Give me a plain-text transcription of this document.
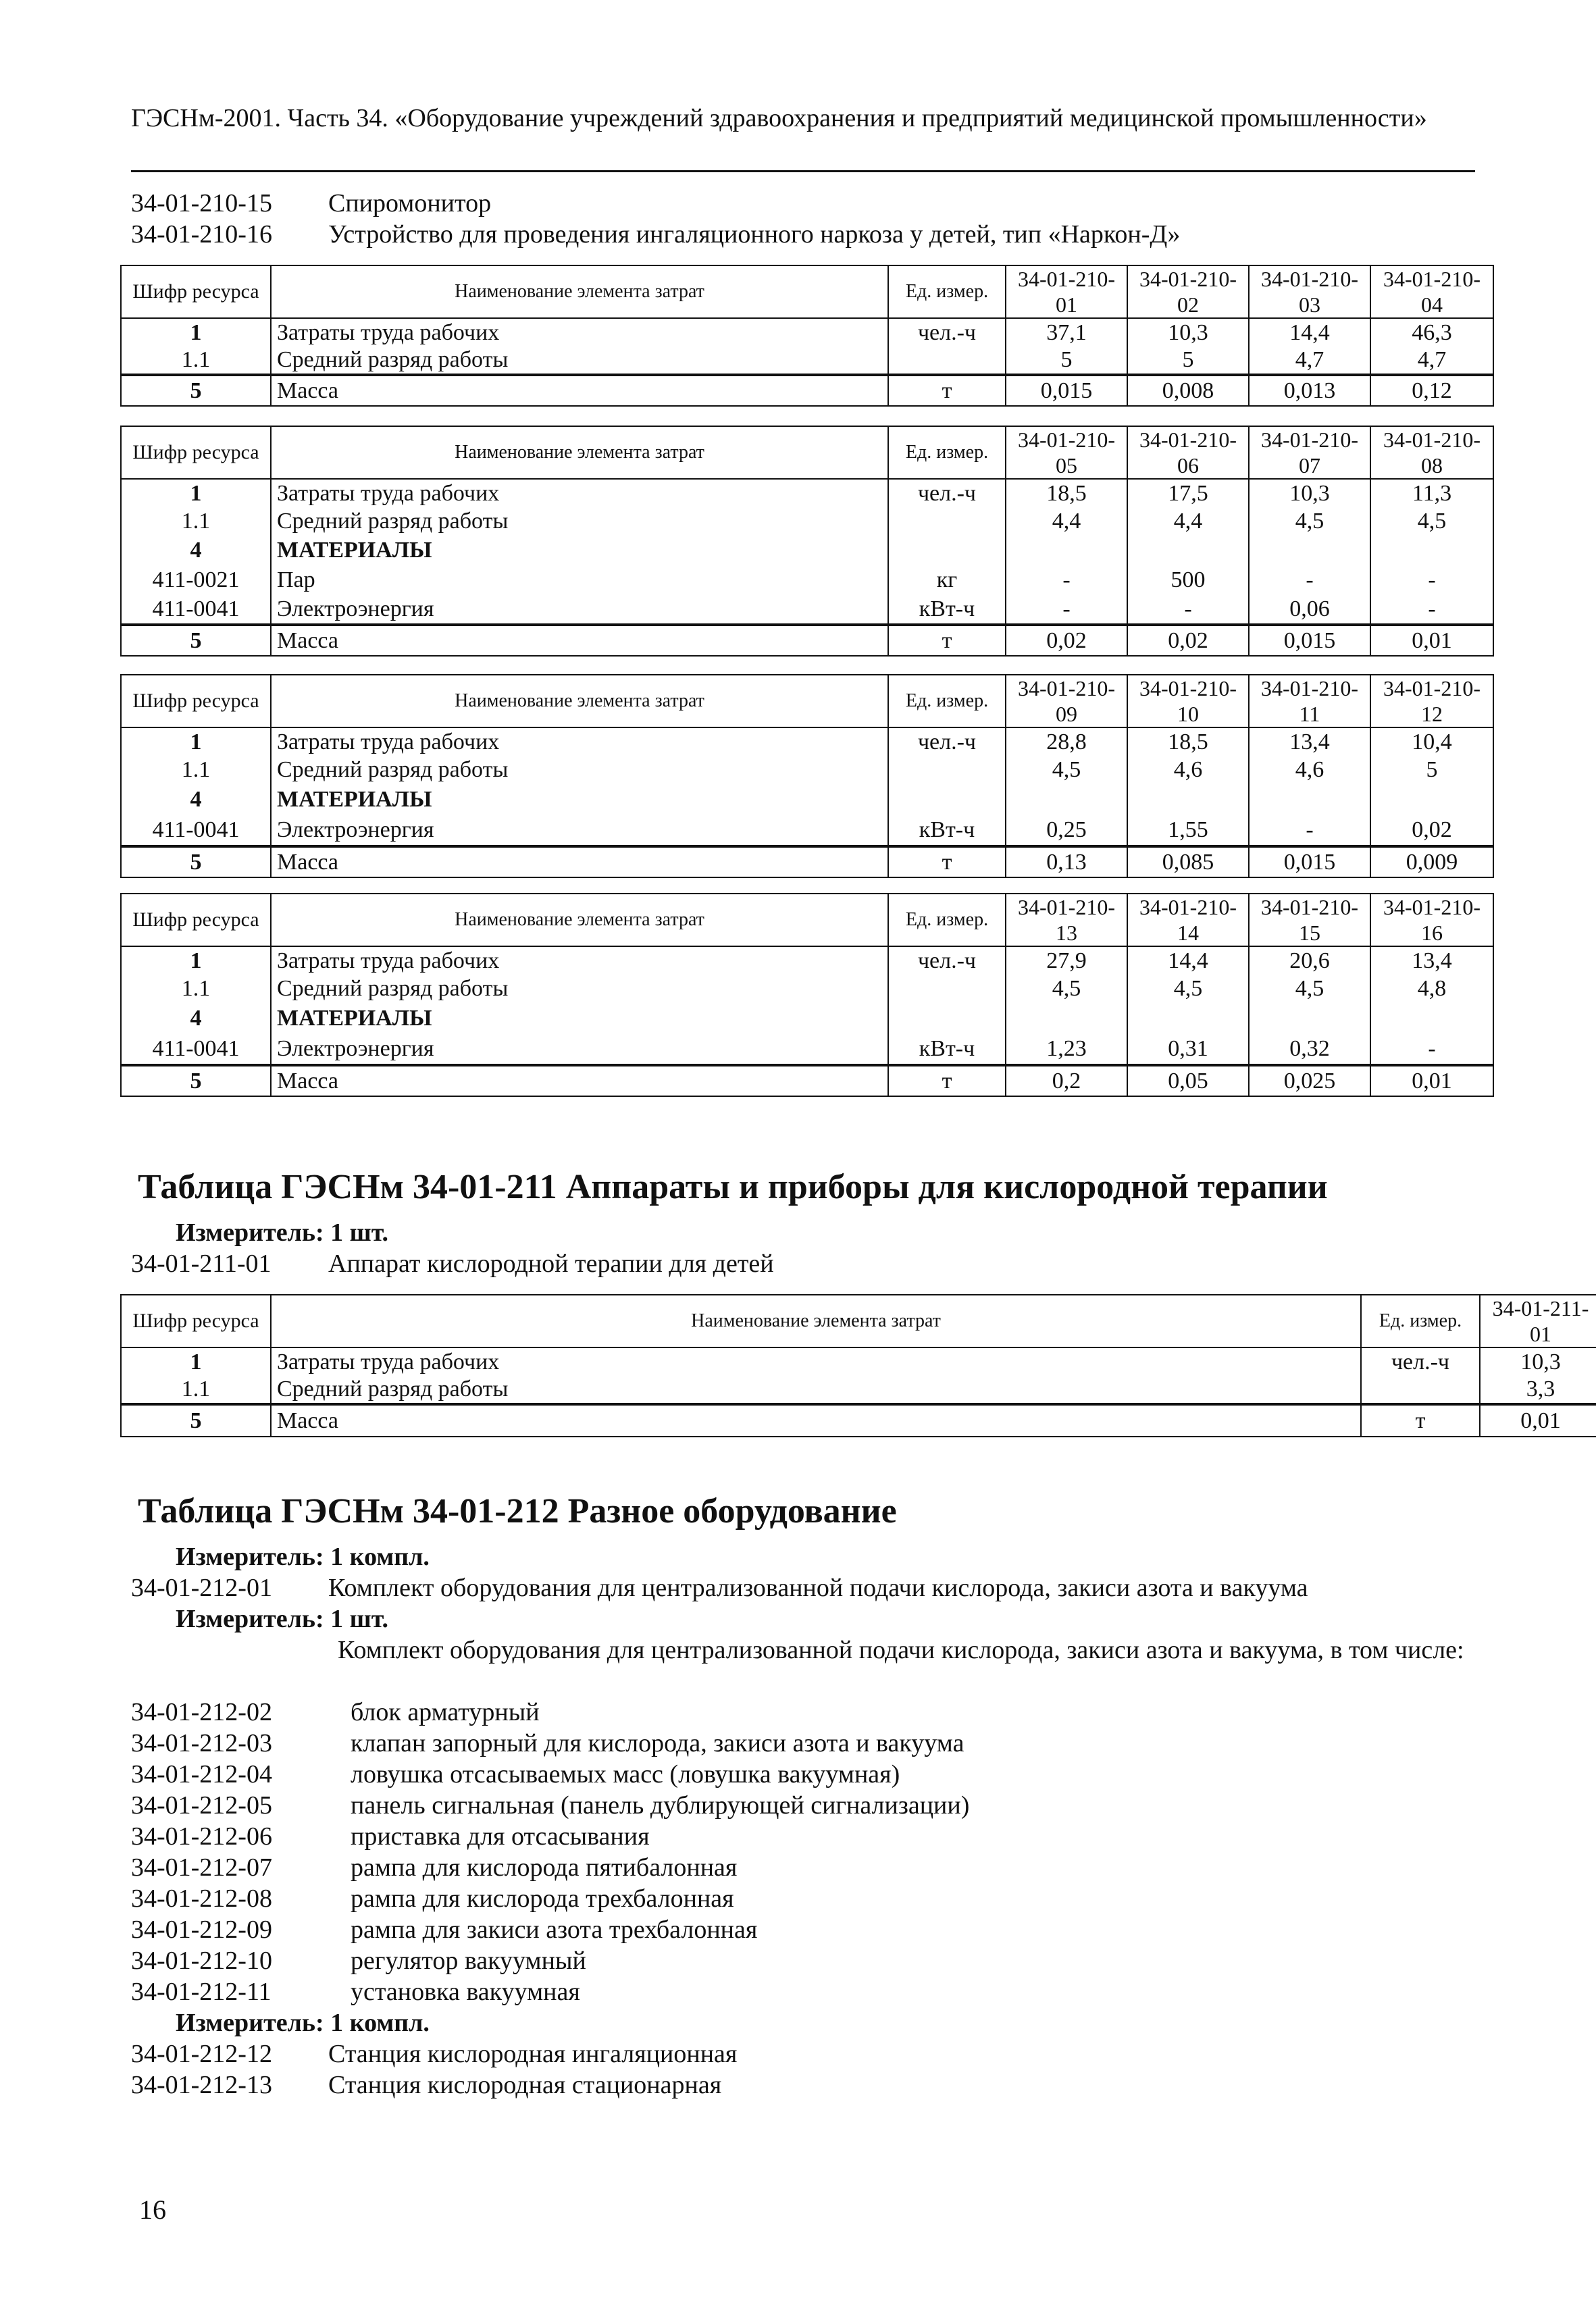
ГЭСНм-2001. Часть 34. «Оборудование учреждений здравоохранения и предприятий медицинской промышленности»
34-01-210-15 Спиромонитор
34-01-210-16 Устройство для проведения ингаляционного наркоза у детей, тип «Наркон-Д»
Шифр ресурса	Наименование элемента затрат	Ед. измер.	34-01-210-01	34-01-210-02	34-01-210-03	34-01-210-04
1	Затраты труда рабочих	чел.-ч	37,1	10,3	14,4	46,3
1.1	Средний разряд работы		5	5	4,7	4,7
5	Масса	т	0,015	0,008	0,013	0,12
Шифр ресурса	Наименование элемента затрат	Ед. измер.	34-01-210-05	34-01-210-06	34-01-210-07	34-01-210-08
1	Затраты труда рабочих	чел.-ч	18,5	17,5	10,3	11,3
1.1	Средний разряд работы		4,4	4,4	4,5	4,5
4	МАТЕРИАЛЫ					
411-0021	Пар	кг	-	500	-	-
411-0041	Электроэнергия	кВт-ч	-	-	0,06	-
5	Масса	т	0,02	0,02	0,015	0,01
Шифр ресурса	Наименование элемента затрат	Ед. измер.	34-01-210-09	34-01-210-10	34-01-210-11	34-01-210-12
1	Затраты труда рабочих	чел.-ч	28,8	18,5	13,4	10,4
1.1	Средний разряд работы		4,5	4,6	4,6	5
4	МАТЕРИАЛЫ					
411-0041	Электроэнергия	кВт-ч	0,25	1,55	-	0,02
5	Масса	т	0,13	0,085	0,015	0,009
Шифр ресурса	Наименование элемента затрат	Ед. измер.	34-01-210-13	34-01-210-14	34-01-210-15	34-01-210-16
1	Затраты труда рабочих	чел.-ч	27,9	14,4	20,6	13,4
1.1	Средний разряд работы		4,5	4,5	4,5	4,8
4	МАТЕРИАЛЫ					
411-0041	Электроэнергия	кВт-ч	1,23	0,31	0,32	-
5	Масса	т	0,2	0,05	0,025	0,01
Таблица ГЭСНм 34-01-211 Аппараты и приборы для кислородной терапии
Измеритель: 1 шт.
34-01-211-01 Аппарат кислородной терапии для детей
Шифр ресурса	Наименование элемента затрат	Ед. измер.	34-01-211-01
1	Затраты труда рабочих	чел.-ч	10,3
1.1	Средний разряд работы		3,3
5	Масса	т	0,01
Таблица ГЭСНм 34-01-212 Разное оборудование
Измеритель: 1 компл.
34-01-212-01 Комплект оборудования для централизованной подачи кислорода, закиси азота и вакуума
Измеритель: 1 шт.
Комплект оборудования для централизованной подачи кислорода, закиси азота и вакуума, в том числе:
34-01-212-02	блок арматурный
34-01-212-03	клапан запорный для кислорода, закиси азота и вакуума
34-01-212-04	ловушка отсасываемых масс (ловушка вакуумная)
34-01-212-05	панель сигнальная (панель дублирующей сигнализации)
34-01-212-06	приставка для отсасывания
34-01-212-07	рампа для кислорода пятибалонная
34-01-212-08	рампа для кислорода трехбалонная
34-01-212-09	рампа для закиси азота трехбалонная
34-01-212-10	регулятор вакуумный
34-01-212-11	установка вакуумная
Измеритель: 1 компл.
34-01-212-12 Станция кислородная ингаляционная
34-01-212-13 Станция кислородная стационарная
16
